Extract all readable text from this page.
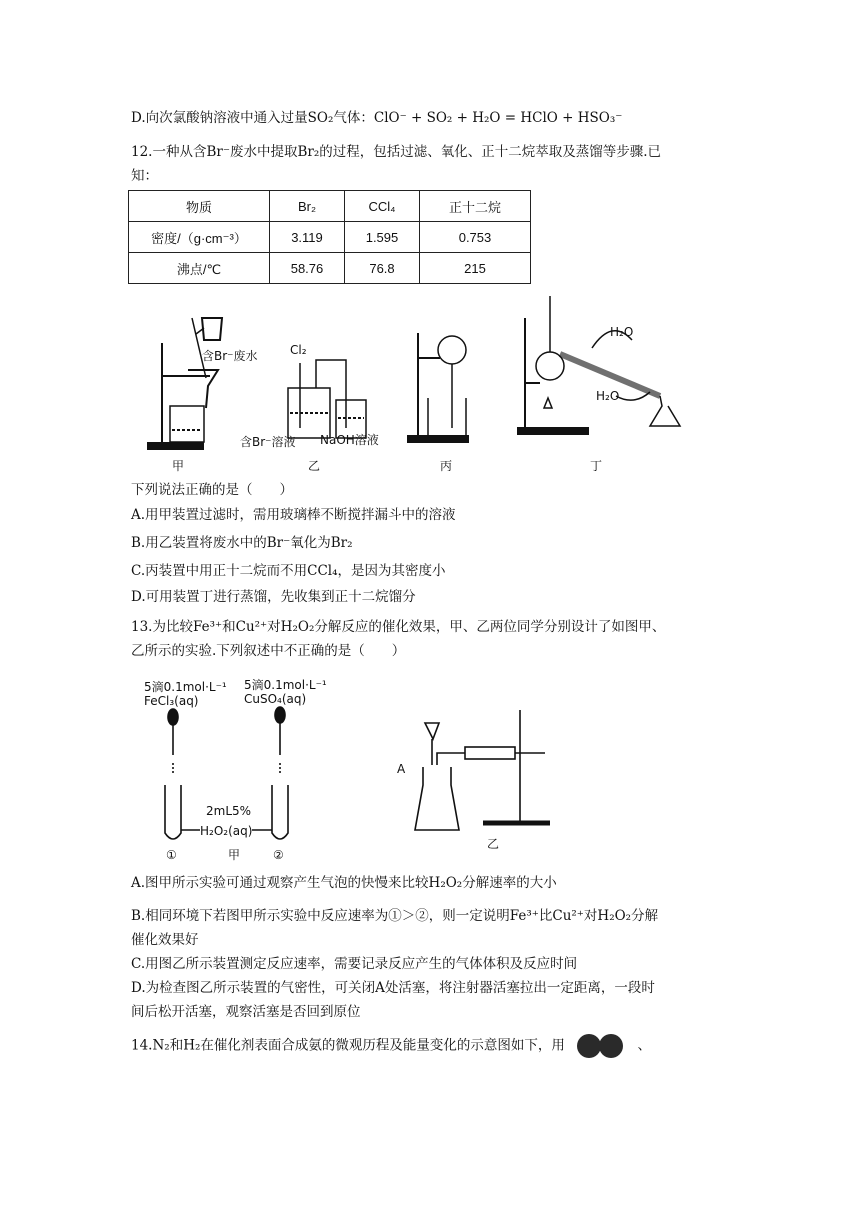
D.向次氯酸钠溶液中通入过量SO₂气体：ClO⁻ + SO₂ + H₂O = HClO + HSO₃⁻
12.一种从含Br⁻废水中提取Br₂的过程，包括过滤、氧化、正十二烷萃取及蒸馏等步骤.已
知：
物质	Br₂	CCl₄	正十二烷
密度/（g·cm⁻³）	3.119	1.595	0.753
沸点/℃	58.76	76.8	215
含Br⁻废水
甲
Cl₂
含Br⁻溶液 NaOH溶液
乙	丙
H₂O
H₂O
丁
下列说法正确的是（　　）
A.用甲装置过滤时，需用玻璃棒不断搅拌漏斗中的溶液
B.用乙装置将废水中的Br⁻氧化为Br₂
C.丙装置中用正十二烷而不用CCl₄，是因为其密度小
D.可用装置丁进行蒸馏，先收集到正十二烷馏分
13.为比较Fe³⁺和Cu²⁺对H₂O₂分解反应的催化效果，甲、乙两位同学分别设计了如图甲、
乙所示的实验.下列叙述中不正确的是（　　）
5滴0.1mol·L⁻¹
FeCl₃(aq)
5滴0.1mol·L⁻¹
CuSO₄(aq)
2mL5%
H₂O₂(aq)
①	甲	②
A
乙
A.图甲所示实验可通过观察产生气泡的快慢来比较H₂O₂分解速率的大小
B.相同环境下若图甲所示实验中反应速率为①＞②，则一定说明Fe³⁺比Cu²⁺对H₂O₂分解
催化效果好
C.用图乙所示装置测定反应速率，需要记录反应产生的气体体积及反应时间
D.为检查图乙所示装置的气密性，可关闭A处活塞，将注射器活塞拉出一定距离，一段时
间后松开活塞，观察活塞是否回到原位
14.N₂和H₂在催化剂表面合成氨的微观历程及能量变化的示意图如下，用	、
